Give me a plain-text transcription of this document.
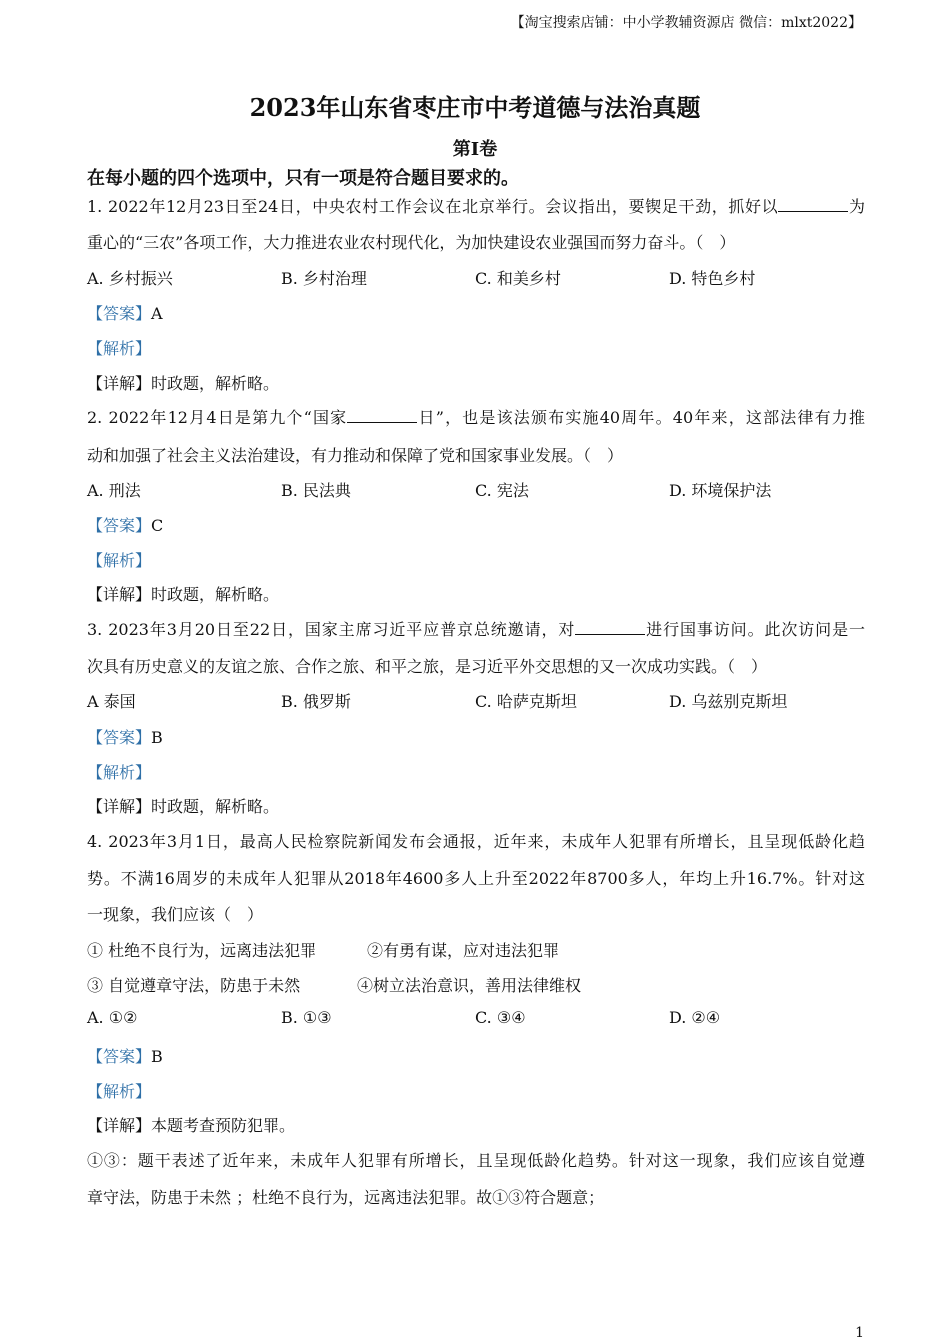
【淘宝搜索店铺：中小学教辅资源店 微信：mlxt2022】
2023年山东省枣庄市中考道德与法治真题
第Ⅰ卷
在每小题的四个选项中，只有一项是符合题目要求的。
1. 2022年12月23日至24日，中央农村工作会议在北京举行。会议指出，要锲足干劲，抓好以	为
重心的“三农”各项工作，大力推进农业农村现代化，为加快建设农业强国而努力奋斗。（　）
A. 乡村振兴	B. 乡村治理	C. 和美乡村	D. 特色乡村
【答案】A
【解析】
【详解】时政题，解析略。
2. 2022年12月4日是第九个“国家	日”，也是该法颁布实施40周年。40年来，这部法律有力推
动和加强了社会主义法治建设，有力推动和保障了党和国家事业发展。（　）
A. 刑法	B. 民法典	C. 宪法	D. 环境保护法
【答案】C
【解析】
【详解】时政题，解析略。
3. 2023年3月20日至22日，国家主席习近平应普京总统邀请，对	进行国事访问。此次访问是一
次具有历史意义的友谊之旅、合作之旅、和平之旅，是习近平外交思想的又一次成功实践。（　）
A 泰国	B. 俄罗斯	C. 哈萨克斯坦	D. 乌兹别克斯坦
【答案】B
【解析】
【详解】时政题，解析略。
4. 2023年3月1日，最高人民检察院新闻发布会通报，近年来，未成年人犯罪有所增长，且呈现低龄化趋
势。不满16周岁的未成年人犯罪从2018年4600多人上升至2022年8700多人，年均上升16.7%。针对这
一现象，我们应该（　）
① 杜绝不良行为，远离违法犯罪	②有勇有谋，应对违法犯罪
③ 自觉遵章守法，防患于未然	④树立法治意识，善用法律维权
A. ①②	B. ①③	C. ③④	D. ②④
【答案】B
【解析】
【详解】本题考查预防犯罪。
①③：题干表述了近年来，未成年人犯罪有所增长，且呈现低龄化趋势。针对这一现象，我们应该自觉遵
章守法，防患于未然 ；杜绝不良行为，远离违法犯罪。故①③符合题意；
1
